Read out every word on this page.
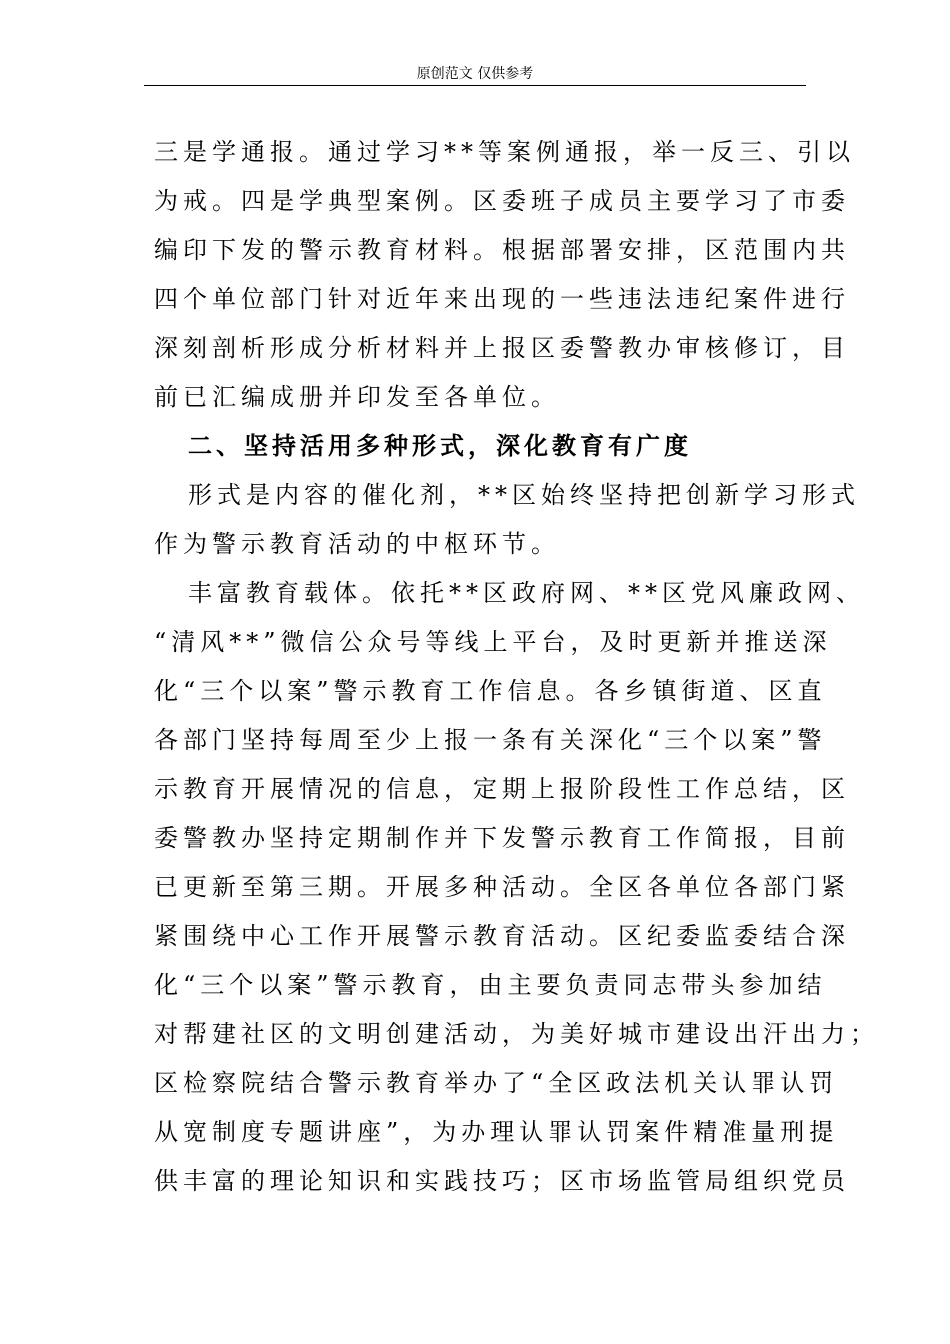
原创范文 仅供参考
三是学通报。通过学习**等案例通报，举一反三、引以
为戒。四是学典型案例。区委班子成员主要学习了市委
编印下发的警示教育材料。根据部署安排，区范围内共
四个单位部门针对近年来出现的一些违法违纪案件进行
深刻剖析形成分析材料并上报区委警教办审核修订，目
前已汇编成册并印发至各单位。
二、坚持活用多种形式，深化教育有广度
形式是内容的催化剂，**区始终坚持把创新学习形式
作为警示教育活动的中枢环节。
丰富教育载体。依托**区政府网、**区党风廉政网、
“清风**”微信公众号等线上平台，及时更新并推送深
化“三个以案”警示教育工作信息。各乡镇街道、区直
各部门坚持每周至少上报一条有关深化“三个以案”警
示教育开展情况的信息，定期上报阶段性工作总结，区
委警教办坚持定期制作并下发警示教育工作简报，目前
已更新至第三期。开展多种活动。全区各单位各部门紧
紧围绕中心工作开展警示教育活动。区纪委监委结合深
化“三个以案”警示教育，由主要负责同志带头参加结
对帮建社区的文明创建活动，为美好城市建设出汗出力；
区检察院结合警示教育举办了“全区政法机关认罪认罚
从宽制度专题讲座”，为办理认罪认罚案件精准量刑提
供丰富的理论知识和实践技巧；区市场监管局组织党员
